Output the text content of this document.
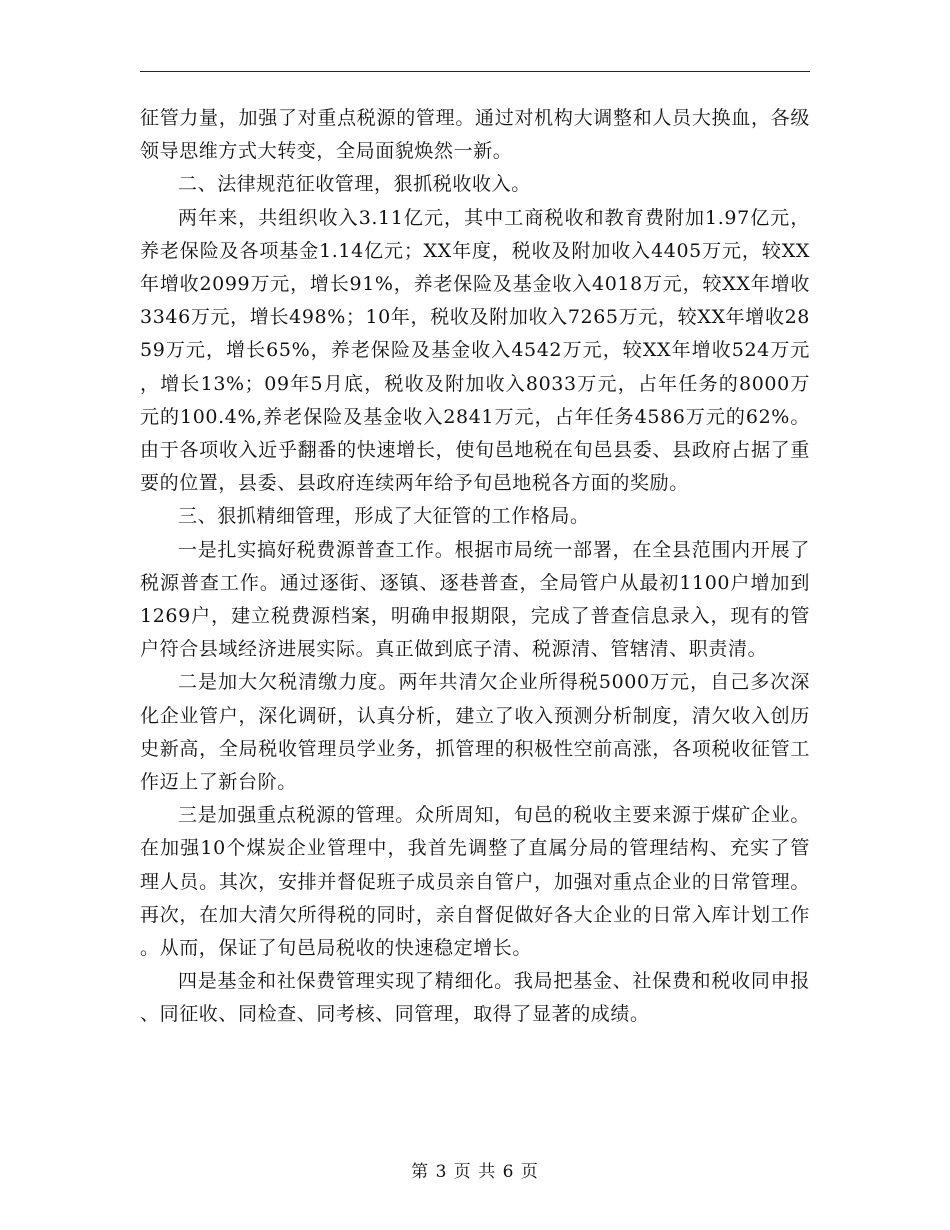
征管力量，加强了对重点税源的管理。通过对机构大调整和人员大换血，各级领导思维方式大转变，全局面貌焕然一新。

二、法律规范征收管理，狠抓税收收入。

两年来，共组织收入3.11亿元，其中工商税收和教育费附加1.97亿元，养老保险及各项基金1.14亿元；XX年度，税收及附加收入4405万元，较XX年增收2099万元，增长91%，养老保险及基金收入4018万元，较XX年增收3346万元，增长498%；10年，税收及附加收入7265万元，较XX年增收2859万元，增长65%，养老保险及基金收入4542万元，较XX年增收524万元，增长13%；09年5月底，税收及附加收入8033万元，占年任务的8000万元的100.4%,养老保险及基金收入2841万元，占年任务4586万元的62%。由于各项收入近乎翻番的快速增长，使旬邑地税在旬邑县委、县政府占据了重要的位置，县委、县政府连续两年给予旬邑地税各方面的奖励。

三、狠抓精细管理，形成了大征管的工作格局。

一是扎实搞好税费源普查工作。根据市局统一部署，在全县范围内开展了税源普查工作。通过逐街、逐镇、逐巷普查，全局管户从最初1100户增加到1269户，建立税费源档案，明确申报期限，完成了普查信息录入，现有的管户符合县域经济进展实际。真正做到底子清、税源清、管辖清、职责清。

二是加大欠税清缴力度。两年共清欠企业所得税5000万元，自己多次深化企业管户，深化调研，认真分析，建立了收入预测分析制度，清欠收入创历史新高，全局税收管理员学业务，抓管理的积极性空前高涨，各项税收征管工作迈上了新台阶。

三是加强重点税源的管理。众所周知，旬邑的税收主要来源于煤矿企业。在加强10个煤炭企业管理中，我首先调整了直属分局的管理结构、充实了管理人员。其次，安排并督促班子成员亲自管户，加强对重点企业的日常管理。再次，在加大清欠所得税的同时，亲自督促做好各大企业的日常入库计划工作。从而，保证了旬邑局税收的快速稳定增长。

四是基金和社保费管理实现了精细化。我局把基金、社保费和税收同申报、同征收、同检查、同考核、同管理，取得了显著的成绩。

第 3 页 共 6 页
